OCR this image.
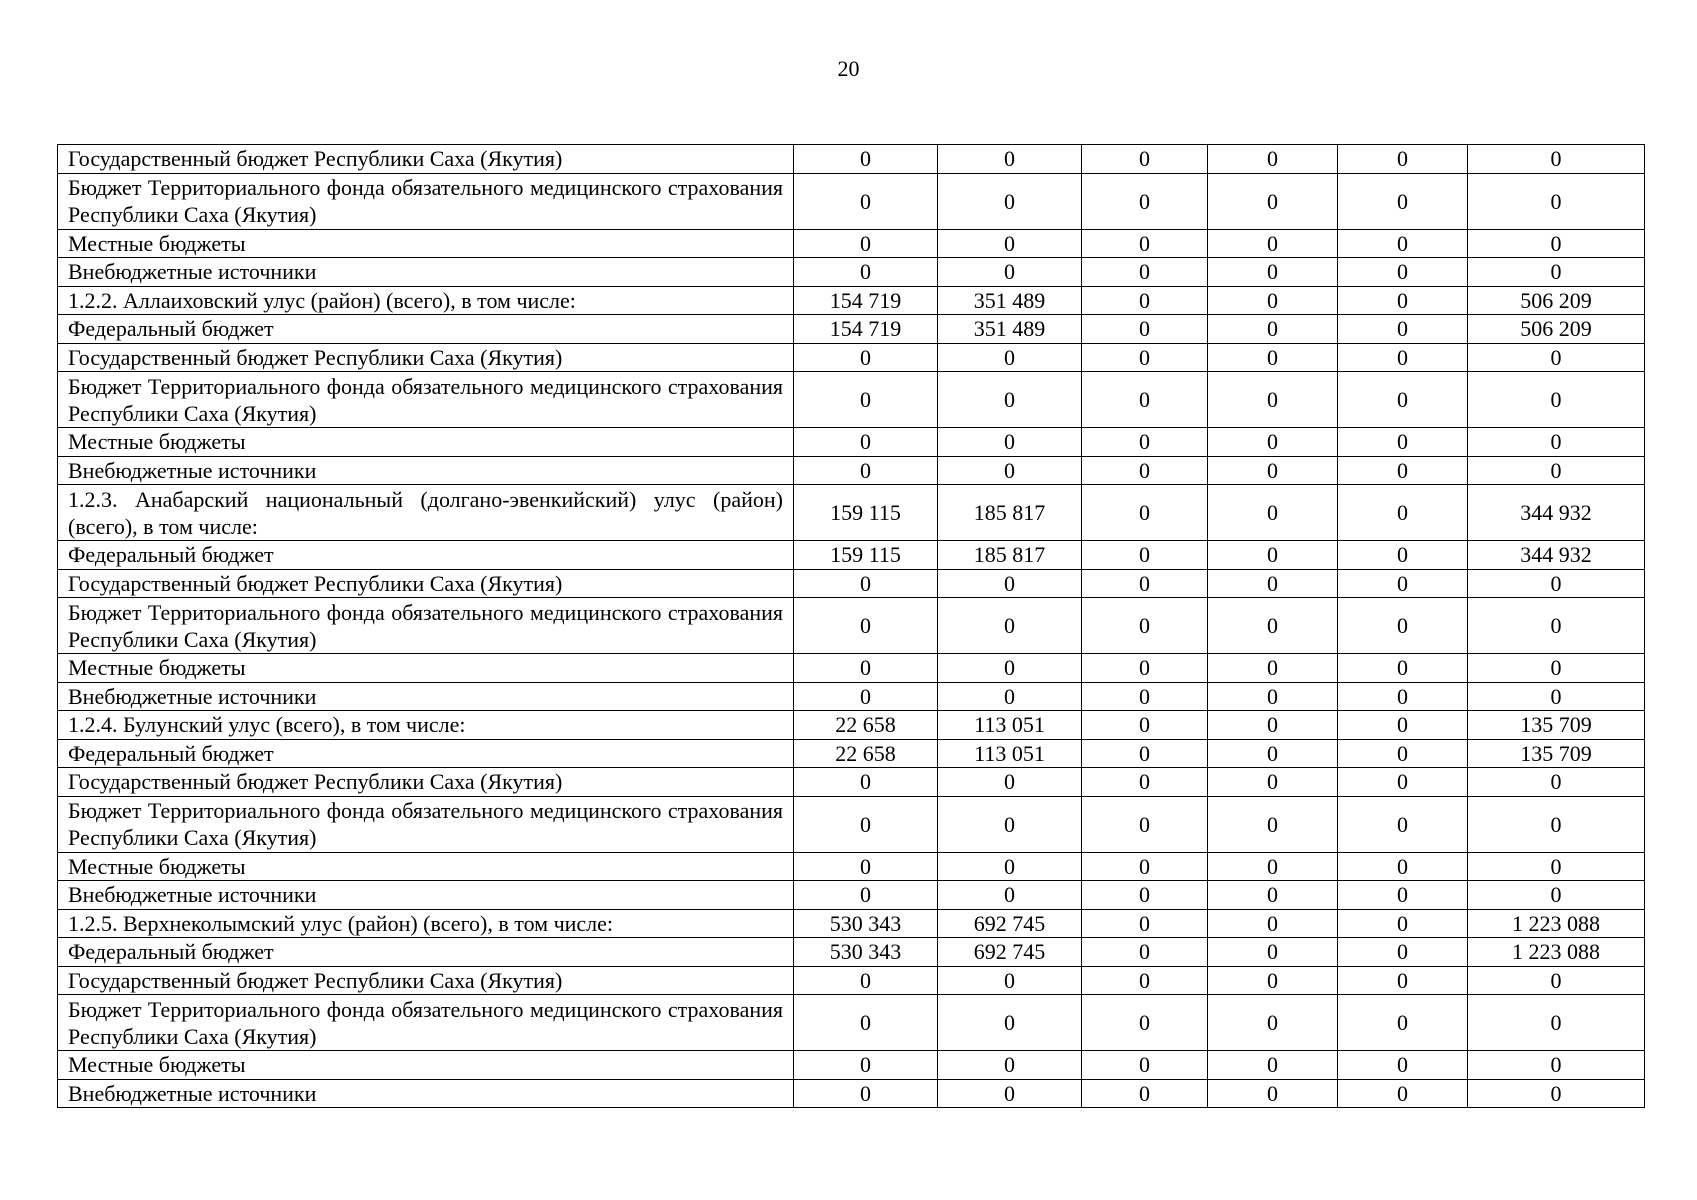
20
Государственный бюджет Республики Саха (Якутия)	0	0	0	0	0	0
Бюджет Территориального фонда обязательного медицинского страхования Республики Саха (Якутия)	0	0	0	0	0	0
Местные бюджеты	0	0	0	0	0	0
Внебюджетные источники	0	0	0	0	0	0
1.2.2. Аллаиховский улус (район) (всего), в том числе:	154 719	351 489	0	0	0	506 209
Федеральный бюджет	154 719	351 489	0	0	0	506 209
Государственный бюджет Республики Саха (Якутия)	0	0	0	0	0	0
Бюджет Территориального фонда обязательного медицинского страхования Республики Саха (Якутия)	0	0	0	0	0	0
Местные бюджеты	0	0	0	0	0	0
Внебюджетные источники	0	0	0	0	0	0
1.2.3. Анабарский национальный (долгано-эвенкийский) улус (район) (всего), в том числе:	159 115	185 817	0	0	0	344 932
Федеральный бюджет	159 115	185 817	0	0	0	344 932
Государственный бюджет Республики Саха (Якутия)	0	0	0	0	0	0
Бюджет Территориального фонда обязательного медицинского страхования Республики Саха (Якутия)	0	0	0	0	0	0
Местные бюджеты	0	0	0	0	0	0
Внебюджетные источники	0	0	0	0	0	0
1.2.4. Булунский улус (всего), в том числе:	22 658	113 051	0	0	0	135 709
Федеральный бюджет	22 658	113 051	0	0	0	135 709
Государственный бюджет Республики Саха (Якутия)	0	0	0	0	0	0
Бюджет Территориального фонда обязательного медицинского страхования Республики Саха (Якутия)	0	0	0	0	0	0
Местные бюджеты	0	0	0	0	0	0
Внебюджетные источники	0	0	0	0	0	0
1.2.5. Верхнеколымский улус (район) (всего), в том числе:	530 343	692 745	0	0	0	1 223 088
Федеральный бюджет	530 343	692 745	0	0	0	1 223 088
Государственный бюджет Республики Саха (Якутия)	0	0	0	0	0	0
Бюджет Территориального фонда обязательного медицинского страхования Республики Саха (Якутия)	0	0	0	0	0	0
Местные бюджеты	0	0	0	0	0	0
Внебюджетные источники	0	0	0	0	0	0
